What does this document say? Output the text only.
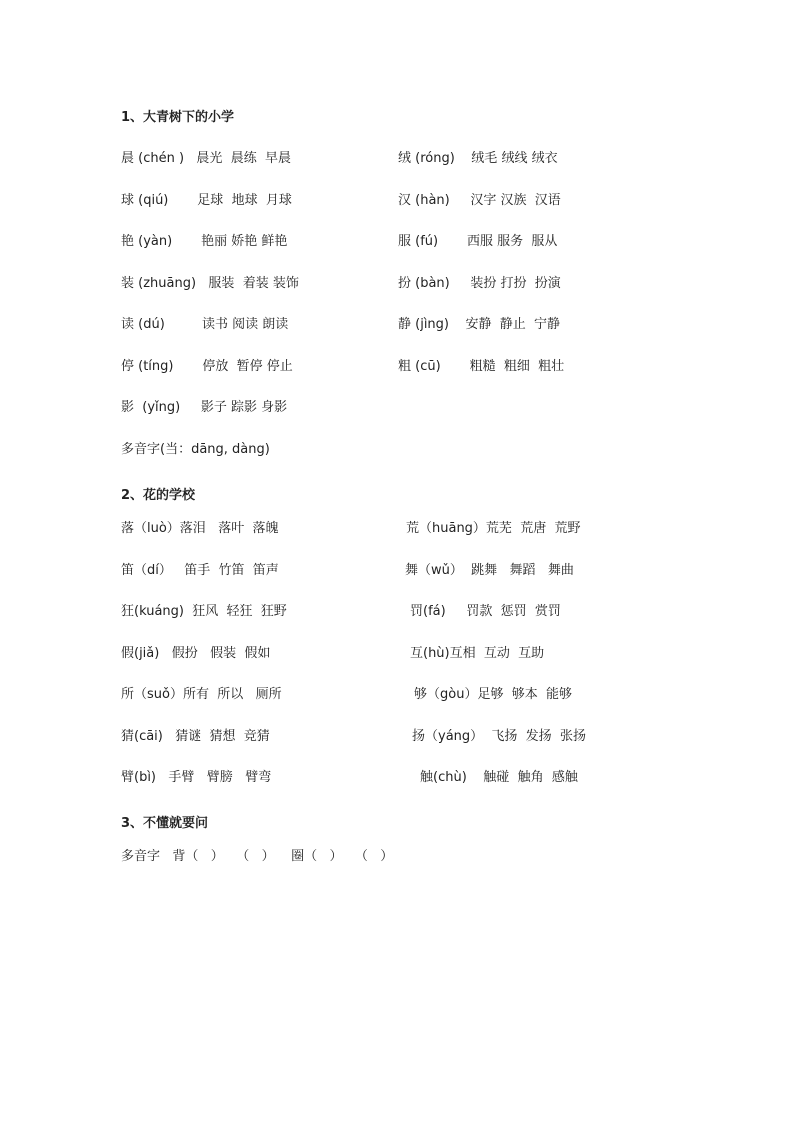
1、大青树下的小学
晨 (chén )   晨光  晨练  早晨
球 (qiú)       足球  地球  月球
艳 (yàn)       艳丽 娇艳 鲜艳
装 (zhuāng)   服装  着装 装饰
读 (dú)         读书 阅读 朗读
停 (tíng)       停放  暂停 停止
影  (yǐng)     影子 踪影 身影
多音字(当：dāng, dàng)
绒 (róng)    绒毛 绒线 绒衣
汉 (hàn)     汉字 汉族  汉语
服 (fú)       西服 服务  服从
扮 (bàn)     装扮 打扮  扮演
静 (jìng)    安静  静止  宁静
粗 (cū)       粗糙  粗细  粗壮
2、花的学校
落（luò）落泪   落叶  落魄
笛（dí）   笛手  竹笛  笛声
狂(kuáng)  狂风  轻狂  狂野
假(jiǎ)   假扮   假装  假如
所（suǒ）所有  所以   厕所
猜(cāi)   猜谜  猜想  竞猜
臂(bì)   手臂   臂膀   臂弯
荒（huāng）荒芜  荒唐  荒野
舞（wǔ）  跳舞   舞蹈   舞曲
罚(fá)     罚款  惩罚  赏罚
互(hù)互相  互动  互助
够（gòu）足够  够本  能够
扬（yáng）  飞扬  发扬  张扬
触(chù)    触碰  触角  感触
3、不懂就要问
多音字   背（   ）   （   ）    圈（   ）   （   ）
